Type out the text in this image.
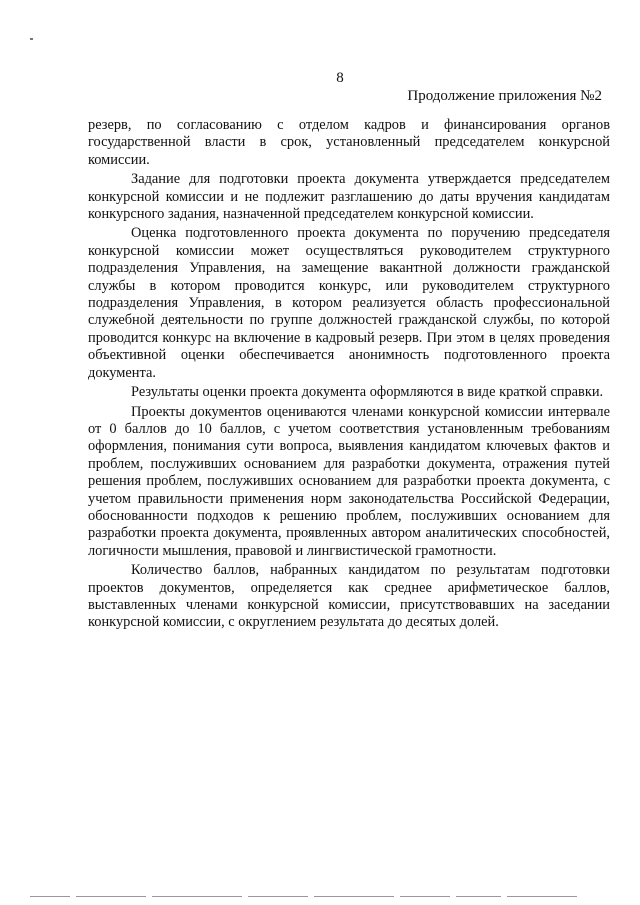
8
Продолжение приложения №2

резерв, по согласованию с отделом кадров и финансирования органов государственной власти в срок, установленный председателем конкурсной комиссии.

Задание для подготовки проекта документа утверждается председателем конкурсной комиссии и не подлежит разглашению до даты вручения кандидатам конкурсного задания, назначенной председателем конкурсной комиссии.

Оценка подготовленного проекта документа по поручению председателя конкурсной комиссии может осуществляться руководителем структурного подразделения Управления, на замещение вакантной должности гражданской службы в котором проводится конкурс, или руководителем структурного подразделения Управления, в котором реализуется область профессиональной служебной деятельности по группе должностей гражданской службы, по которой проводится конкурс на включение в кадровый резерв. При этом в целях проведения объективной оценки обеспечивается анонимность подготовленного проекта документа.

Результаты оценки проекта документа оформляются в виде краткой справки.

Проекты документов оцениваются членами конкурсной комиссии интервале от 0 баллов до 10 баллов, с учетом соответствия установленным требованиям оформления, понимания сути вопроса, выявления кандидатом ключевых фактов и проблем, послуживших основанием для разработки документа, отражения путей решения проблем, послуживших основанием для разработки проекта документа, с учетом правильности применения норм законодательства Российской Федерации, обоснованности подходов к решению проблем, послуживших основанием для разработки проекта документа, проявленных автором аналитических способностей, логичности мышления, правовой и лингвистической грамотности.

Количество баллов, набранных кандидатом по результатам подготовки проектов документов, определяется как среднее арифметическое баллов, выставленных членами конкурсной комиссии, присутствовавших на заседании конкурсной комиссии, с округлением результата до десятых долей.
